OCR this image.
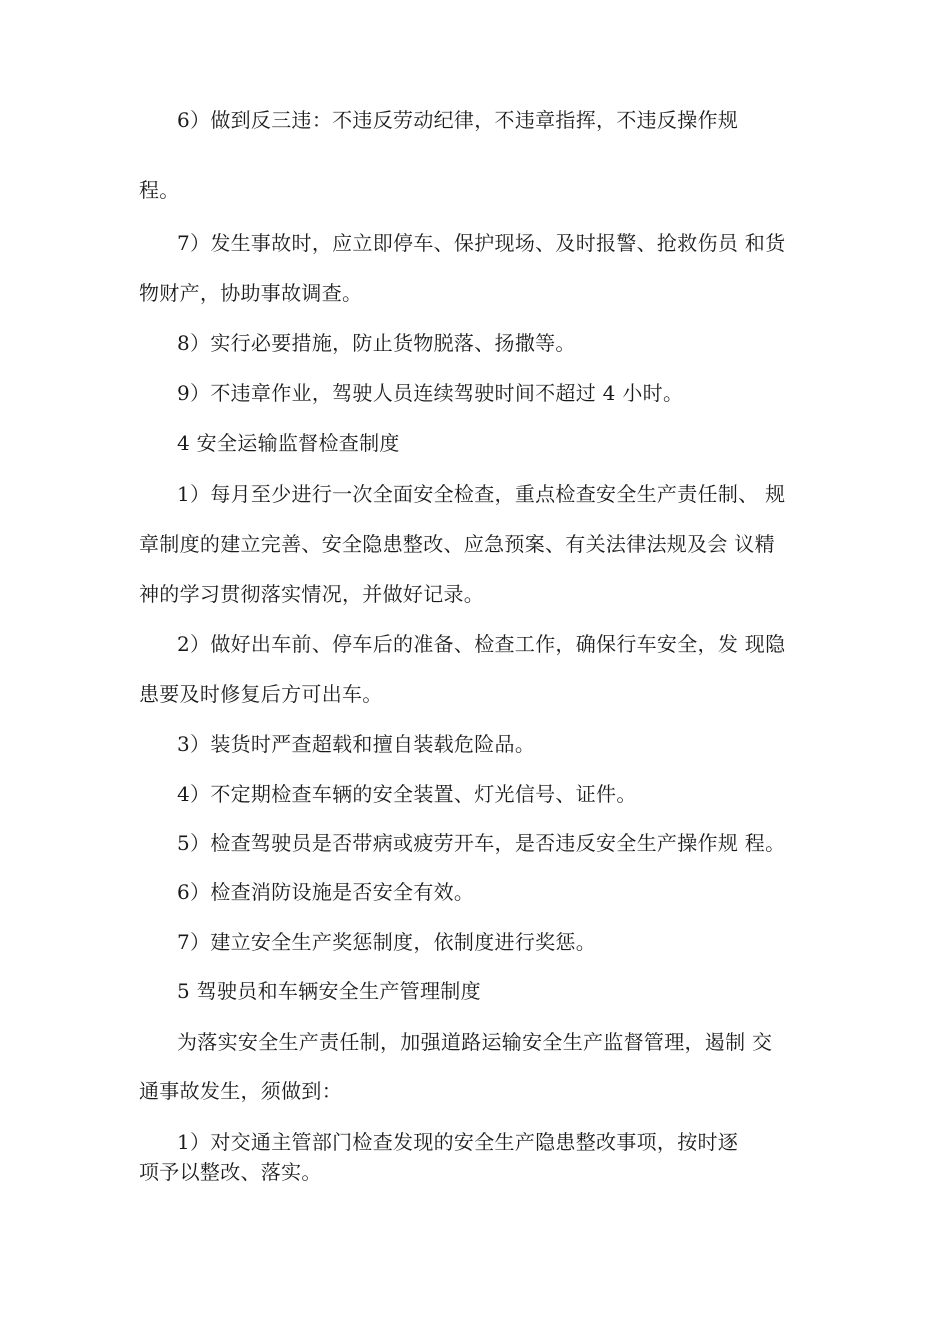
6）做到反三违：不违反劳动纪律，不违章指挥，不违反操作规
程。
7）发生事故时，应立即停车、保护现场、及时报警、抢救伤员 和货
物财产，协助事故调查。
8）实行必要措施，防止货物脱落、扬撒等。
9）不违章作业，驾驶人员连续驾驶时间不超过 4 小时。
4 安全运输监督检查制度
1）每月至少进行一次全面安全检查，重点检查安全生产责任制、 规
章制度的建立完善、安全隐患整改、应急预案、有关法律法规及会 议精
神的学习贯彻落实情况，并做好记录。
2）做好出车前、停车后的准备、检查工作，确保行车安全，发 现隐
患要及时修复后方可出车。
3）装货时严查超载和擅自装载危险品。
4）不定期检查车辆的安全装置、灯光信号、证件。
5）检查驾驶员是否带病或疲劳开车，是否违反安全生产操作规 程。
6）检查消防设施是否安全有效。
7）建立安全生产奖惩制度，依制度进行奖惩。
5 驾驶员和车辆安全生产管理制度
为落实安全生产责任制，加强道路运输安全生产监督管理，遏制 交
通事故发生，须做到：
1）对交通主管部门检查发现的安全生产隐患整改事项，按时逐
项予以整改、落实。
